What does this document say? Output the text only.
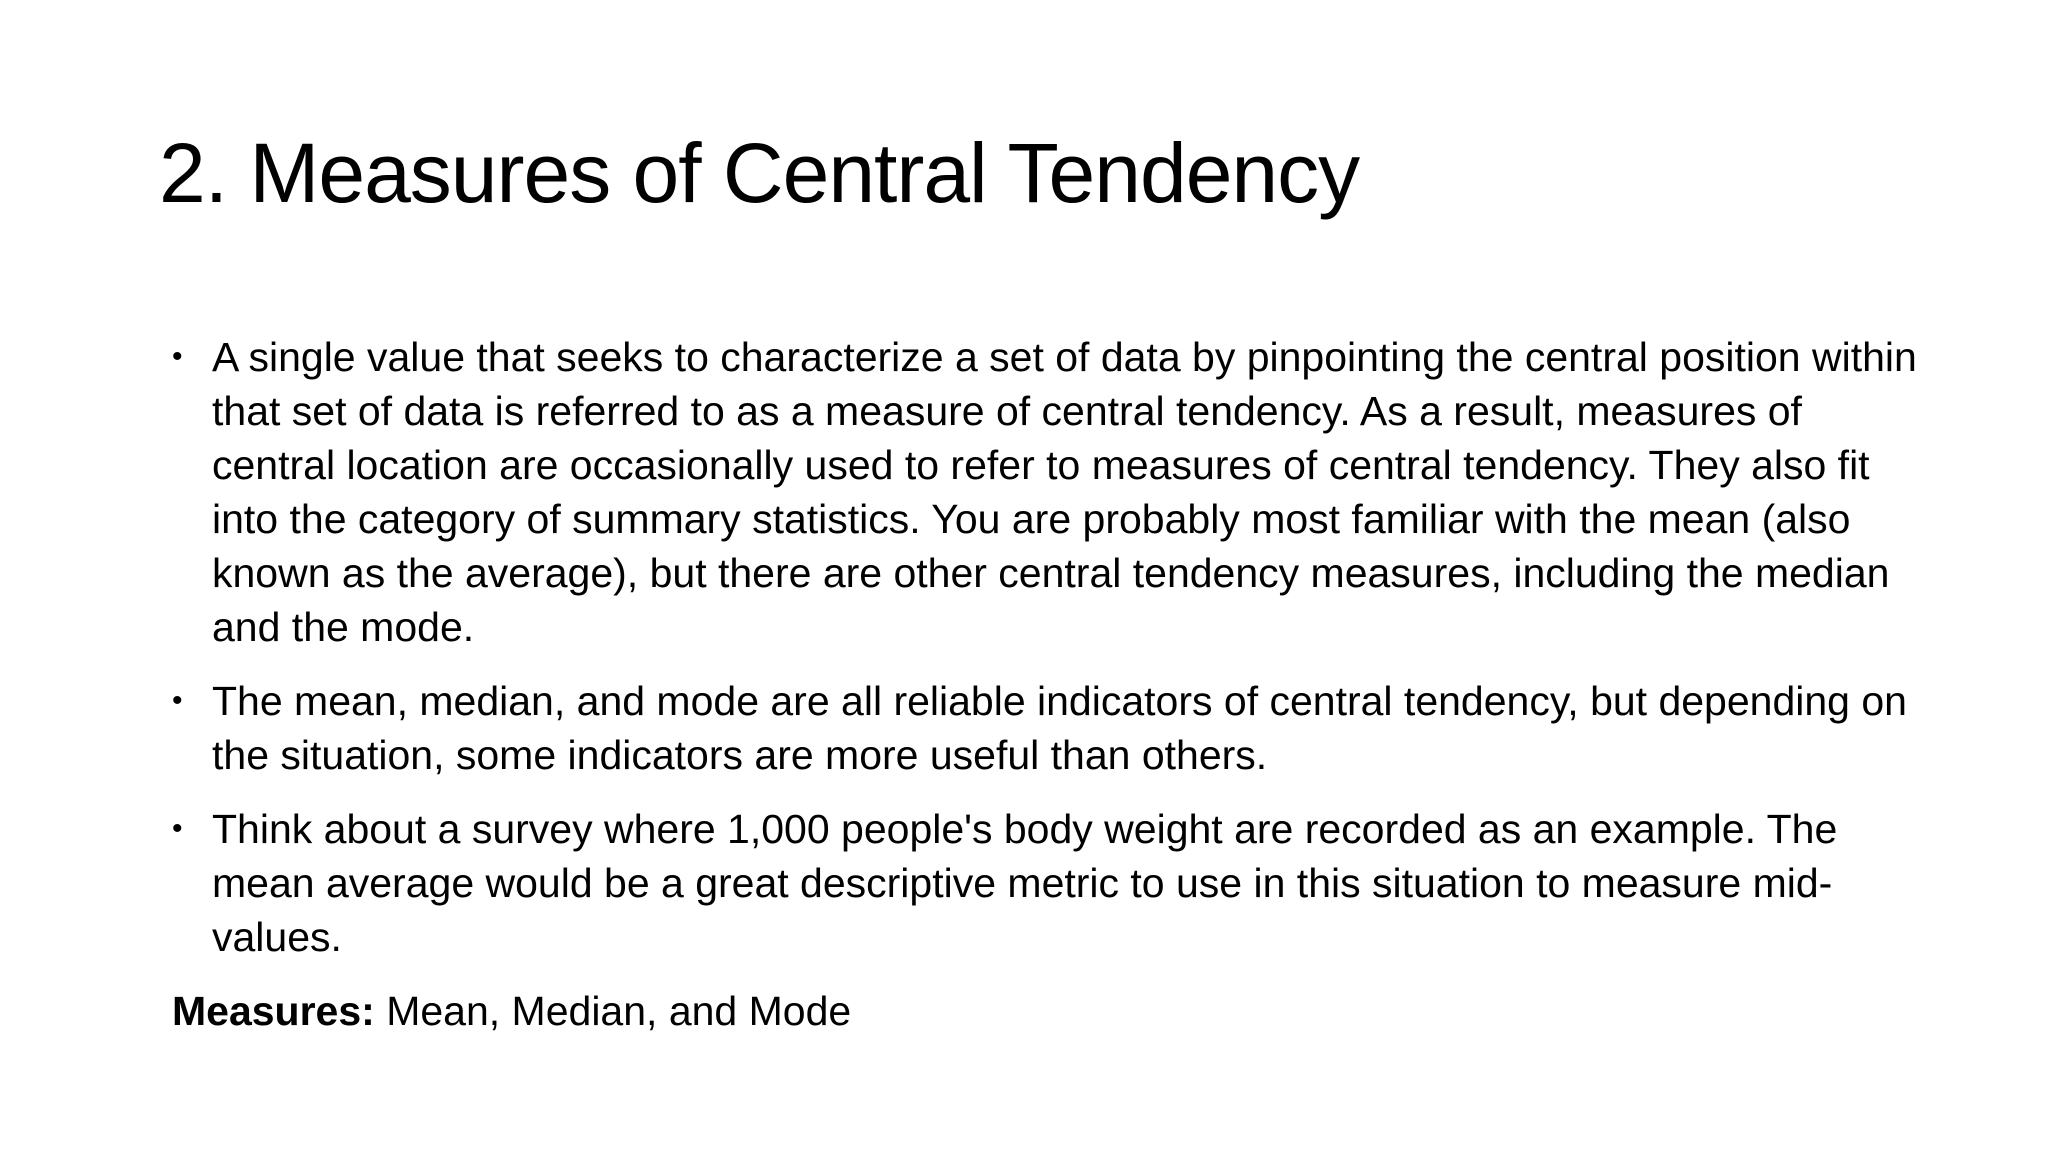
2. Measures of Central Tendency
• A single value that seeks to characterize a set of data by pinpointing the central position within that set of data is referred to as a measure of central tendency. As a result, measures of central location are occasionally used to refer to measures of central tendency. They also fit into the category of summary statistics. You are probably most familiar with the mean (also known as the average), but there are other central tendency measures, including the median and the mode.
• The mean, median, and mode are all reliable indicators of central tendency, but depending on the situation, some indicators are more useful than others.
• Think about a survey where 1,000 people's body weight are recorded as an example. The mean average would be a great descriptive metric to use in this situation to measure mid-values.
Measures: Mean, Median, and Mode
